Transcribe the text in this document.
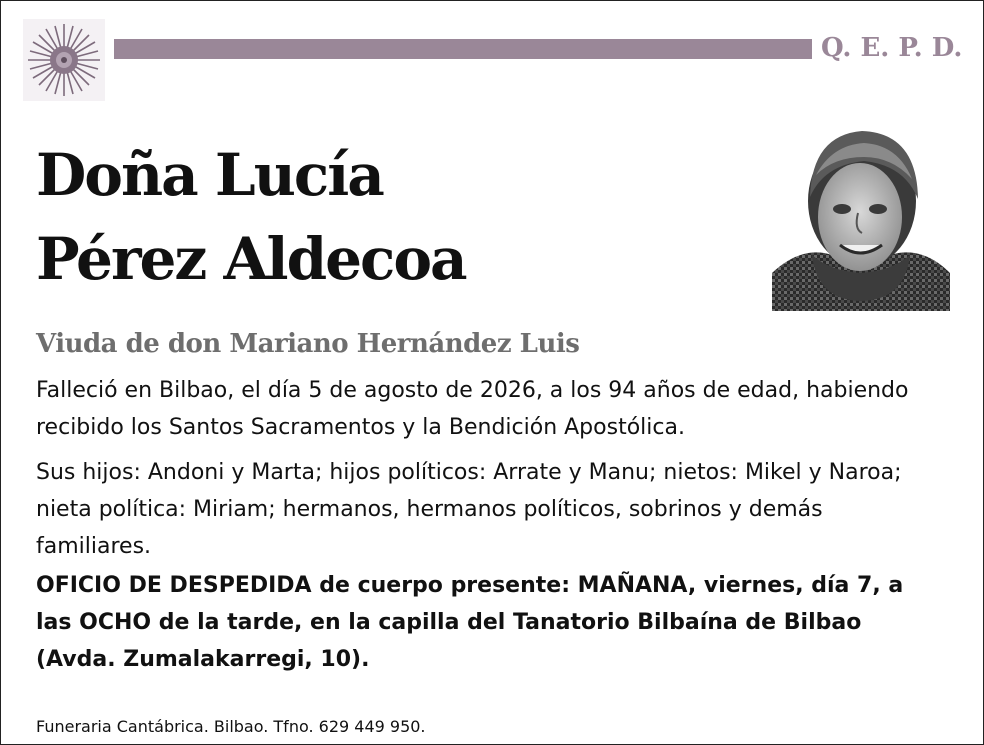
Q. E. P. D.
Doña Lucía
Pérez Aldecoa
Viuda de don Mariano Hernández Luis
Falleció en Bilbao, el día 5 de agosto de 2026, a los 94 años de edad, habiendo recibido los Santos Sacramentos y la Bendición Apostólica.
Sus hijos: Andoni y Marta; hijos políticos: Arrate y Manu; nietos: Mikel y Naroa; nieta política: Miriam; hermanos, hermanos políticos, sobrinos y demás familiares.
OFICIO DE DESPEDIDA de cuerpo presente: MAÑANA, viernes, día 7, a las OCHO de la tarde, en la capilla del Tanatorio Bilbaína de Bilbao (Avda. Zumalakarregi, 10).
Funeraria Cantábrica. Bilbao. Tfno. 629 449 950.
